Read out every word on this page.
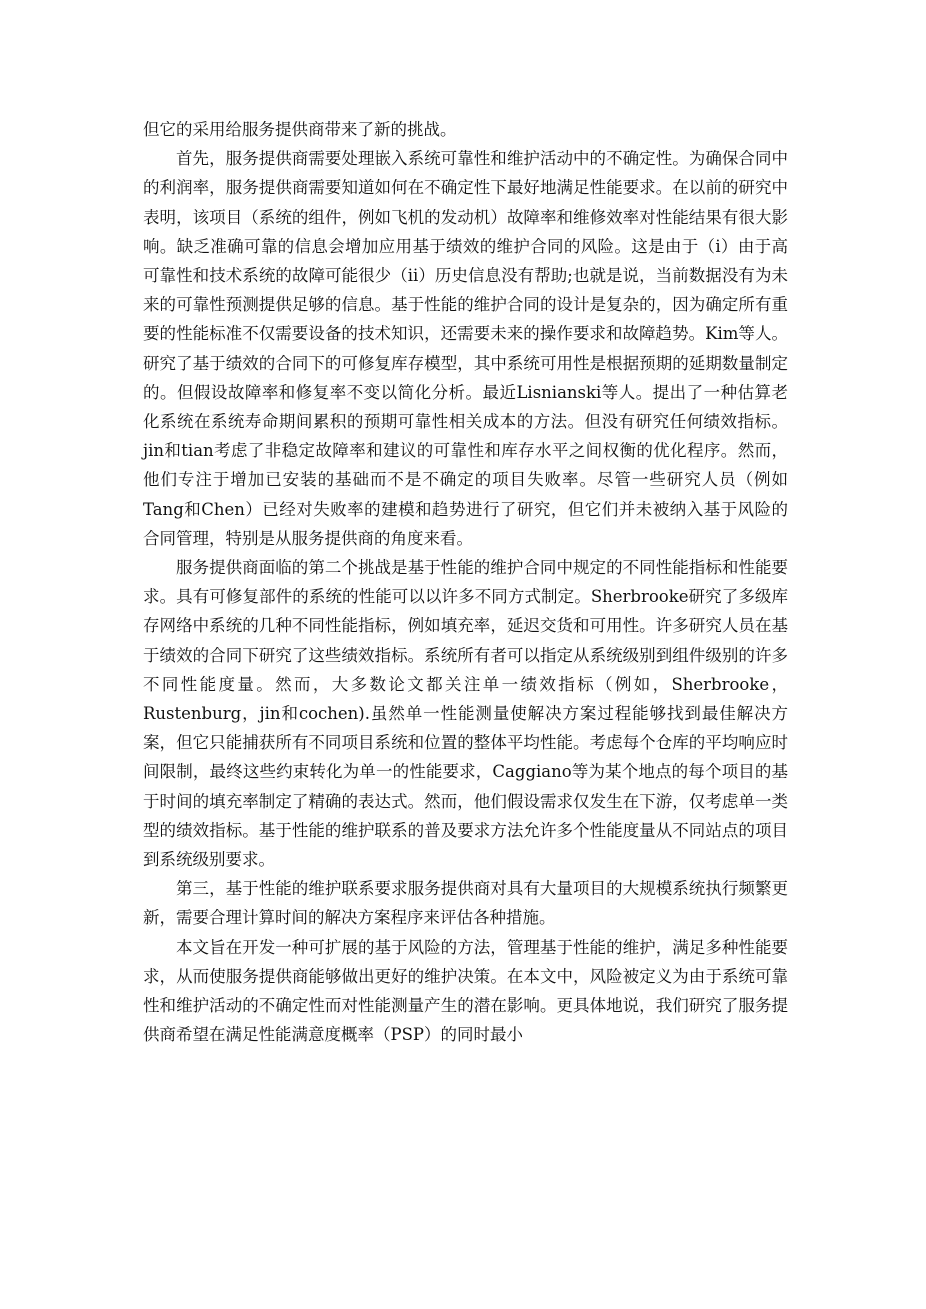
但它的采用给服务提供商带来了新的挑战。

首先，服务提供商需要处理嵌入系统可靠性和维护活动中的不确定性。为确保合同中的利润率，服务提供商需要知道如何在不确定性下最好地满足性能要求。在以前的研究中表明，该项目（系统的组件，例如飞机的发动机）故障率和维修效率对性能结果有很大影响。缺乏准确可靠的信息会增加应用基于绩效的维护合同的风险。这是由于（i）由于高可靠性和技术系统的故障可能很少（ii）历史信息没有帮助;也就是说，当前数据没有为未来的可靠性预测提供足够的信息。基于性能的维护合同的设计是复杂的，因为确定所有重要的性能标准不仅需要设备的技术知识，还需要未来的操作要求和故障趋势。Kim等人。研究了基于绩效的合同下的可修复库存模型，其中系统可用性是根据预期的延期数量制定的。但假设故障率和修复率不变以简化分析。最近Lisnianski等人。提出了一种估算老化系统在系统寿命期间累积的预期可靠性相关成本的方法。但没有研究任何绩效指标。jin和tian考虑了非稳定故障率和建议的可靠性和库存水平之间权衡的优化程序。然而，他们专注于增加已安装的基础而不是不确定的项目失败率。尽管一些研究人员（例如Tang和Chen）已经对失败率的建模和趋势进行了研究，但它们并未被纳入基于风险的合同管理，特别是从服务提供商的角度来看。

服务提供商面临的第二个挑战是基于性能的维护合同中规定的不同性能指标和性能要求。具有可修复部件的系统的性能可以以许多不同方式制定。Sherbrooke研究了多级库存网络中系统的几种不同性能指标，例如填充率，延迟交货和可用性。许多研究人员在基于绩效的合同下研究了这些绩效指标。系统所有者可以指定从系统级别到组件级别的许多不同性能度量。然而，大多数论文都关注单一绩效指标（例如，Sherbrooke，Rustenburg，jin和cochen).虽然单一性能测量使解决方案过程能够找到最佳解决方案，但它只能捕获所有不同项目系统和位置的整体平均性能。考虑每个仓库的平均响应时间限制，最终这些约束转化为单一的性能要求，Caggiano等为某个地点的每个项目的基于时间的填充率制定了精确的表达式。然而，他们假设需求仅发生在下游，仅考虑单一类型的绩效指标。基于性能的维护联系的普及要求方法允许多个性能度量从不同站点的项目到系统级别要求。

第三，基于性能的维护联系要求服务提供商对具有大量项目的大规模系统执行频繁更新，需要合理计算时间的解决方案程序来评估各种措施。

本文旨在开发一种可扩展的基于风险的方法，管理基于性能的维护，满足多种性能要求，从而使服务提供商能够做出更好的维护决策。在本文中，风险被定义为由于系统可靠性和维护活动的不确定性而对性能测量产生的潜在影响。更具体地说，我们研究了服务提供商希望在满足性能满意度概率（PSP）的同时最小
